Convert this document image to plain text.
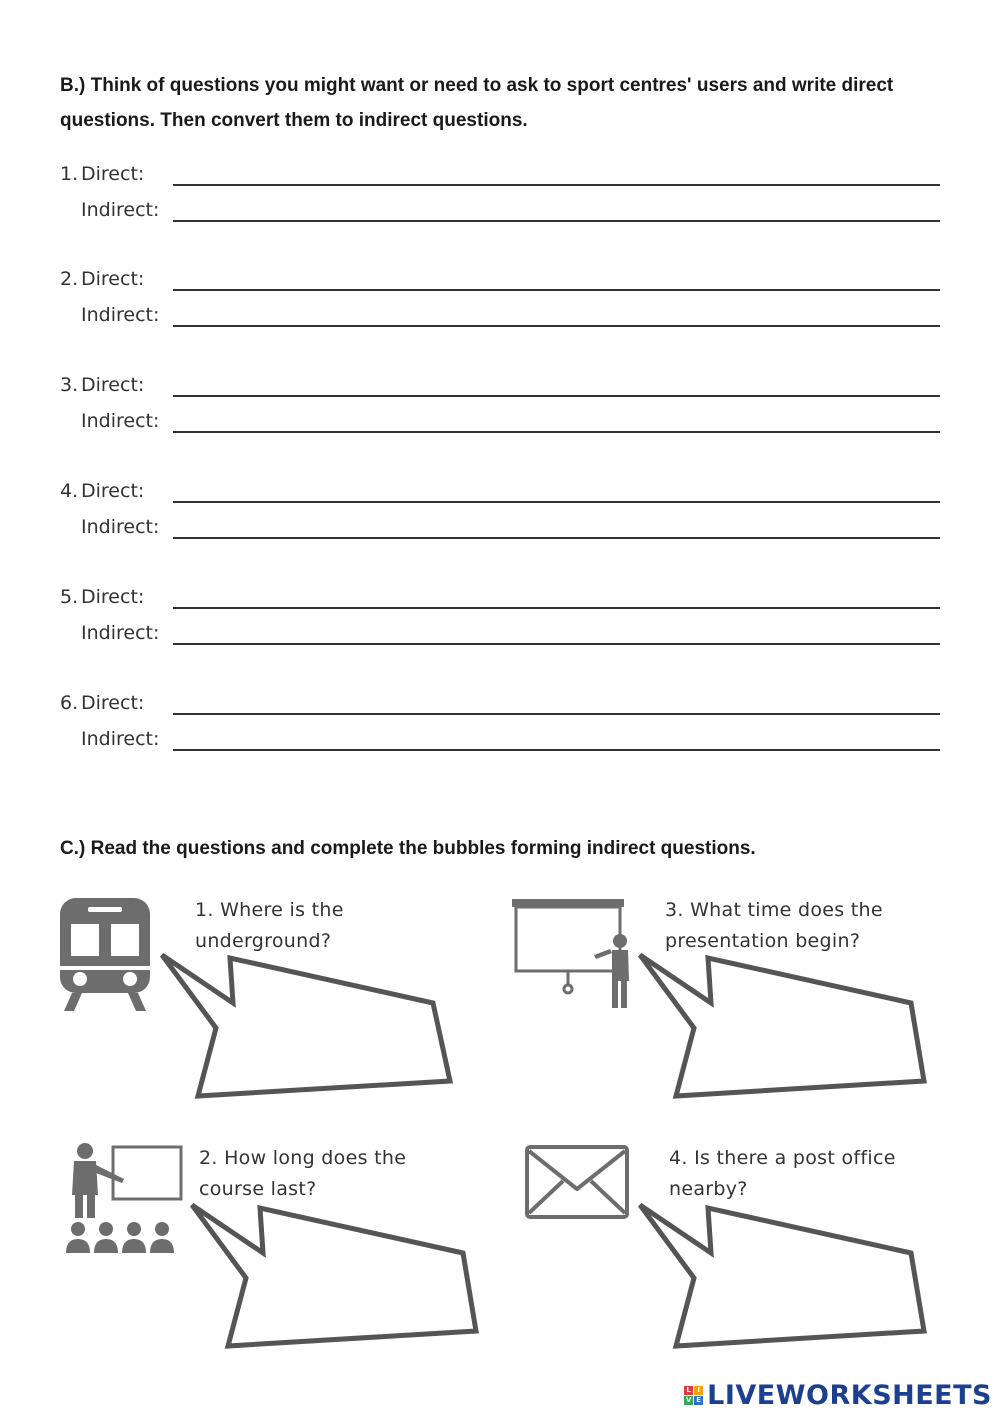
B.) Think of questions you might want or need to ask to sport centres' users and write direct questions. Then convert them to indirect questions.
1. Direct:
Indirect:
2. Direct:
Indirect:
3. Direct:
Indirect:
4. Direct:
Indirect:
5. Direct:
Indirect:
6. Direct:
Indirect:
C.) Read the questions and complete the bubbles forming indirect questions.
1. Where is the underground?
3. What time does the presentation begin?
2. How long does the course last?
4. Is there a post office nearby?
L I
V E LIVEWORKSHEETS
